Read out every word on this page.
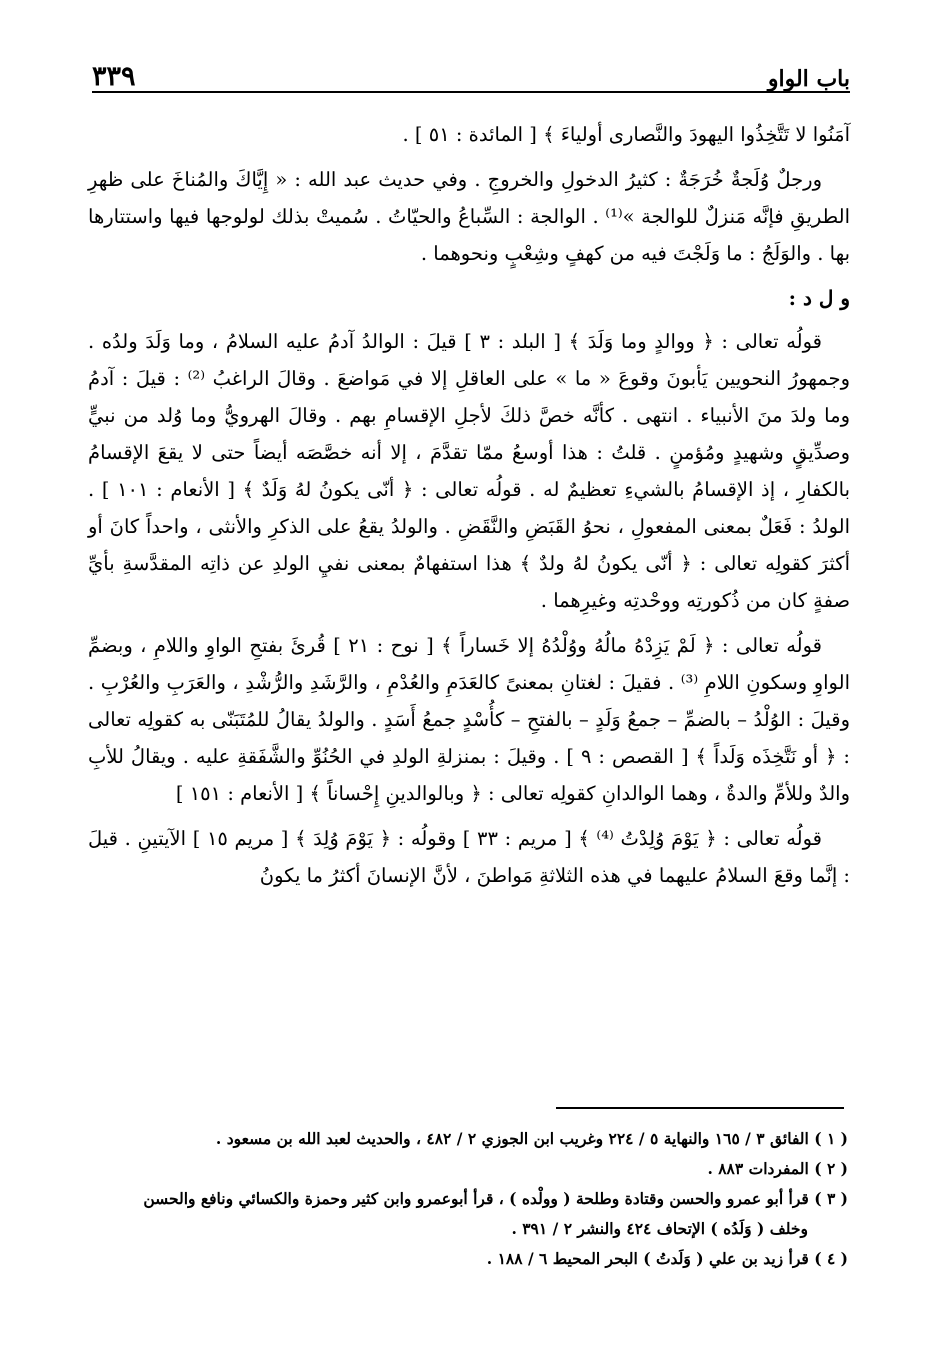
٣٣٩	باب الواو

آمَنُوا لا تَتَّخِذُوا اليهودَ والنَّصارى أولياءَ ﴾ [ المائدة : ٥١ ] .

ورجلٌ وُلَجةٌ خُرَجَةٌ : كثيرُ الدخولِ والخروجِ . وفي حديث عبد الله : « إِيَّاكَ والمُناخَ على ظهرِ الطريقِ فإنَّه مَنزلٌ للوالجة »⁽¹⁾ . الوالجة : السِّباعُ والحيّاتُ . سُميتْ بذلك لولوجها فيها واستتارها بها . والوَلَجُ : ما وَلَجْتَ فيه من كهفٍ وشِعْبٍ ونحوهما .

و ل د :

قولُه تعالى : ﴿ ووالدٍ وما وَلَدَ ﴾ [ البلد : ٣ ] قيلَ : الوالدُ آدمُ عليه السلامُ ، وما وَلَدَ ولدُه . وجمهورُ النحويين يَأبونَ وقوعَ « ما » على العاقلِ إلا في مَواضعَ . وقالَ الراغبُ ⁽²⁾ : قيلَ : آدمُ وما ولدَ منَ الأنبياء . انتهى . كأنَّه خصَّ ذلكَ لأجلِ الإقسامِ بهم . وقالَ الهرويُّ وما وُلد من نبيٍّ وصدِّيقٍ وشهيدٍ ومُؤمنٍ . قلتُ : هذا أوسعُ ممّا تقدَّمَ ، إلا أنه خصَّصَه أيضاً حتى لا يقعَ الإقسامُ بالكفارِ ، إذ الإقسامُ بالشيءِ تعظيمٌ له . قولُه تعالى : ﴿ أنّى يكونُ لهُ وَلَدٌ ﴾ [ الأنعام : ١٠١ ] . الولدُ : فَعَلٌ بمعنى المفعولِ ، نحوُ القَبَضِ والنَّقَضِ . والولدُ يقعُ على الذكرِ والأنثى ، واحداً كانَ أو أكثرَ كقولِه تعالى : ﴿ أنّى يكونُ لهُ ولدٌ ﴾ هذا استفهامٌ بمعنى نفيِ الولدِ عن ذاتِه المقدَّسةِ بأيِّ صفةٍ كان من ذُكورتِه ووحْدتِه وغيرِهما .

قولُه تعالى : ﴿ لَمْ يَزِدْهُ مالُهُ ووُلْدُهُ إلا خَساراً ﴾ [ نوح : ٢١ ] قُرئَ بفتحِ الواوِ واللامِ ، وبضمِّ الواوِ وسكونِ اللامِ ⁽³⁾ . فقيلَ : لغتانِ بمعنىً كالعَدَمِ والعُدْمِ ، والرَّشَدِ والرُّشْدِ ، والعَرَبِ والعُرْبِ . وقيلَ : الوُلْدُ – بالضمِّ – جمعُ وَلَدٍ – بالفتحِ – كأُسْدٍ جمعُ أَسَدٍ . والولدُ يقالُ للمُتَبَنّى به كقولِه تعالى : ﴿ أو نَتَّخِذَه وَلَداً ﴾ [ القصص : ٩ ] . وقيلَ : بمنزلةِ الولدِ في الحُنُوِّ والشَّفَقةِ عليه . ويقالُ للأبِ والدٌ وللأمِّ والدةٌ ، وهما الوالدانِ كقولِه تعالى : ﴿ وبالوالدينِ إِحْساناً ﴾ [ الأنعام : ١٥١ ]

قولُه تعالى : ﴿ يَوْمَ وُلِدْتُ ⁽⁴⁾ ﴾ [ مريم : ٣٣ ] وقولُه : ﴿ يَوْمَ وُلِدَ ﴾ [ مريم ١٥ ] الآيتينِ . قيلَ : إنَّما وقعَ السلامُ عليهما في هذه الثلاثةِ مَواطنَ ، لأنَّ الإنسانَ أكثرُ ما يكونُ

( ١ ) الفائق ٣ / ١٦٥ والنهاية ٥ / ٢٢٤ وغريب ابن الجوزي ٢ / ٤٨٢ ، والحديث لعبد الله بن مسعود .

( ٢ ) المفردات ٨٨٣ .

( ٣ ) قرأ أبو عمرو والحسن وقتادة وطلحة ( وولْده ) ، قرأ أبوعمرو وابن كثير وحمزة والكسائي ونافع والحسن

وخلف ( وَلَدُه ) الإتحاف ٤٢٤ والنشر ٢ / ٣٩١ .

( ٤ ) قرأ زيد بن علي ( وَلَدتُ ) البحر المحيط ٦ / ١٨٨ .
